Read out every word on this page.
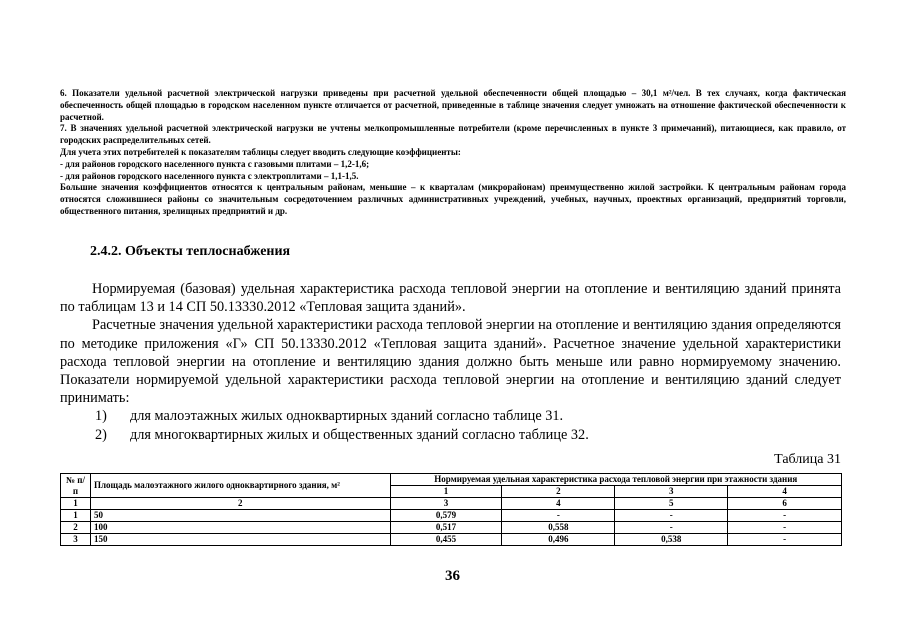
6. Показатели удельной расчетной электрической нагрузки приведены при расчетной удельной обеспеченности общей площадью – 30,1 м²/чел. В тех случаях, когда фактическая обеспеченность общей площадью в городском населенном пункте отличается от расчетной, приведенные в таблице значения следует умножать на отношение фактической обеспеченности к расчетной.

7. В значениях удельной расчетной электрической нагрузки не учтены мелкопромышленные потребители (кроме перечисленных в пункте 3 примечаний), питающиеся, как правило, от городских распределительных сетей.

Для учета этих потребителей к показателям таблицы следует вводить следующие коэффициенты:

- для районов городского населенного пункта с газовыми плитами – 1,2-1,6;

- для районов городского населенного пункта с электроплитами – 1,1-1,5.

Большие значения коэффициентов относятся к центральным районам, меньшие – к кварталам (микрорайонам) преимущественно жилой застройки. К центральным районам города относятся сложившиеся районы со значительным сосредоточением различных административных учреждений, учебных, научных, проектных организаций, предприятий торговли, общественного питания, зрелищных предприятий и др.

2.4.2. Объекты теплоснабжения

Нормируемая (базовая) удельная характеристика расхода тепловой энергии на отопление и вентиляцию зданий принята по таблицам 13 и 14 СП 50.13330.2012 «Тепловая защита зданий».

Расчетные значения удельной характеристики расхода тепловой энергии на отопление и вентиляцию здания определяются по методике приложения «Г» СП 50.13330.2012 «Тепловая защита зданий». Расчетное значение удельной характеристики расхода тепловой энергии на отопление и вентиляцию здания должно быть меньше или равно нормируемому значению. Показатели нормируемой удельной характеристики расхода тепловой энергии на отопление и вентиляцию зданий следует принимать:

1)	для малоэтажных жилых одноквартирных зданий согласно таблице 31.
2)	для многоквартирных жилых и общественных зданий согласно таблице 32.
Таблица 31
№ п/п	Площадь малоэтажного жилого одноквартирного здания, м²	Нормируемая удельная характеристика расхода тепловой энергии при этажности здания			
		1	2	3	4
1	2	3	4	5	6
1	50	0,579	-	-	-
2	100	0,517	0,558	-	-
3	150	0,455	0,496	0,538	-
36
